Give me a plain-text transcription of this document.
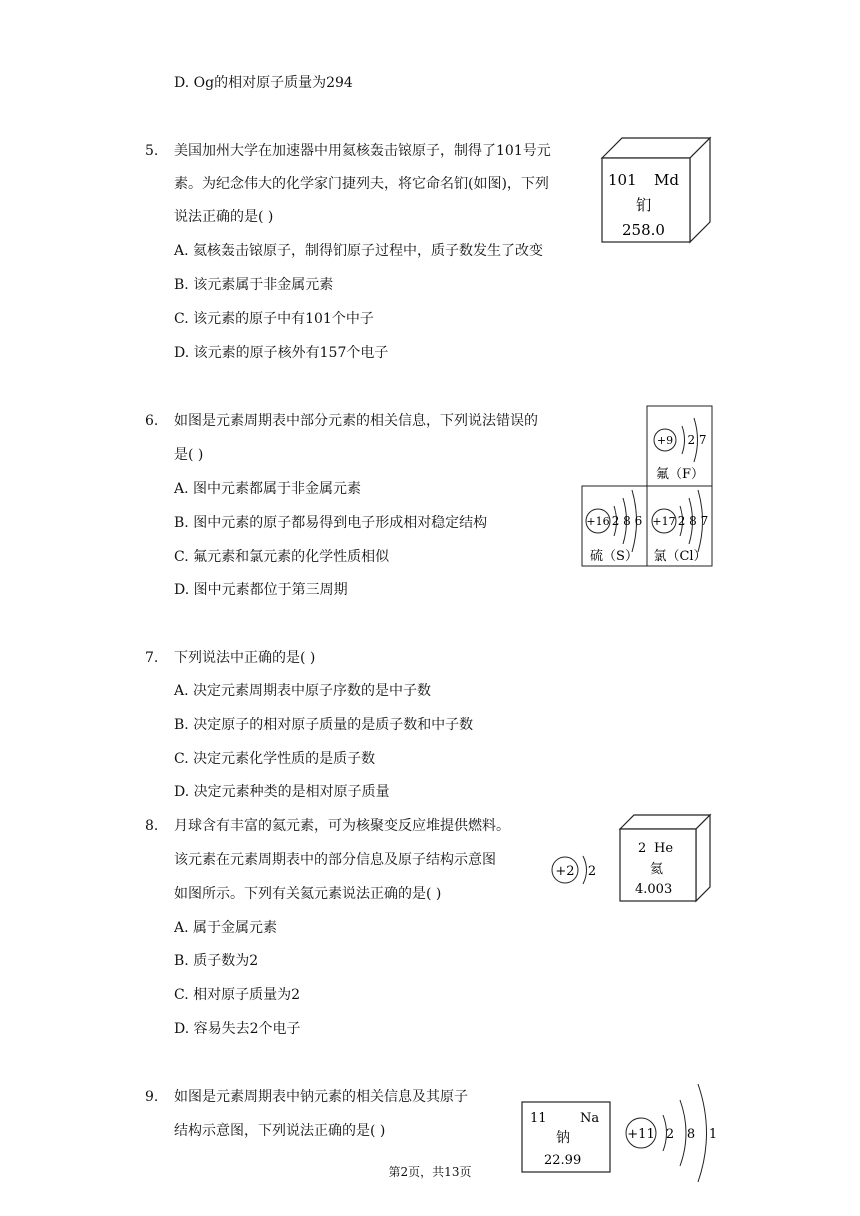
D. Og的相对原子质量为294
5. 美国加州大学在加速器中用氦核轰击锿原子，制得了101号元
素。为纪念伟大的化学家门捷列夫，将它命名钔(如图)，下列
说法正确的是( )
A. 氦核轰击锿原子，制得钔原子过程中，质子数发生了改变
B. 该元素属于非金属元素
C. 该元素的原子中有101个中子
D. 该元素的原子核外有157个电子
101 Md
钔
258.0
6. 如图是元素周期表中部分元素的相关信息，下列说法错误的
是( )
A. 图中元素都属于非金属元素
B. 图中元素的原子都易得到电子形成相对稳定结构
C. 氟元素和氯元素的化学性质相似
D. 图中元素都位于第三周期
+9 2 7
氟（F）
+16 2 8 6
硫（S）
+17 2 8 7
氯（Cl）
7. 下列说法中正确的是( )
A. 决定元素周期表中原子序数的是中子数
B. 决定原子的相对原子质量的是质子数和中子数
C. 决定元素化学性质的是质子数
D. 决定元素种类的是相对原子质量
8. 月球含有丰富的氦元素，可为核聚变反应堆提供燃料。
该元素在元素周期表中的部分信息及原子结构示意图
如图所示。下列有关氦元素说法正确的是( )
A. 属于金属元素
B. 质子数为2
C. 相对原子质量为2
D. 容易失去2个电子
+2 2
2 He
氦
4.003
9. 如图是元素周期表中钠元素的相关信息及其原子
结构示意图，下列说法正确的是( )
11	Na
钠
22.99
+11 2 8 1
第2页，共13页
